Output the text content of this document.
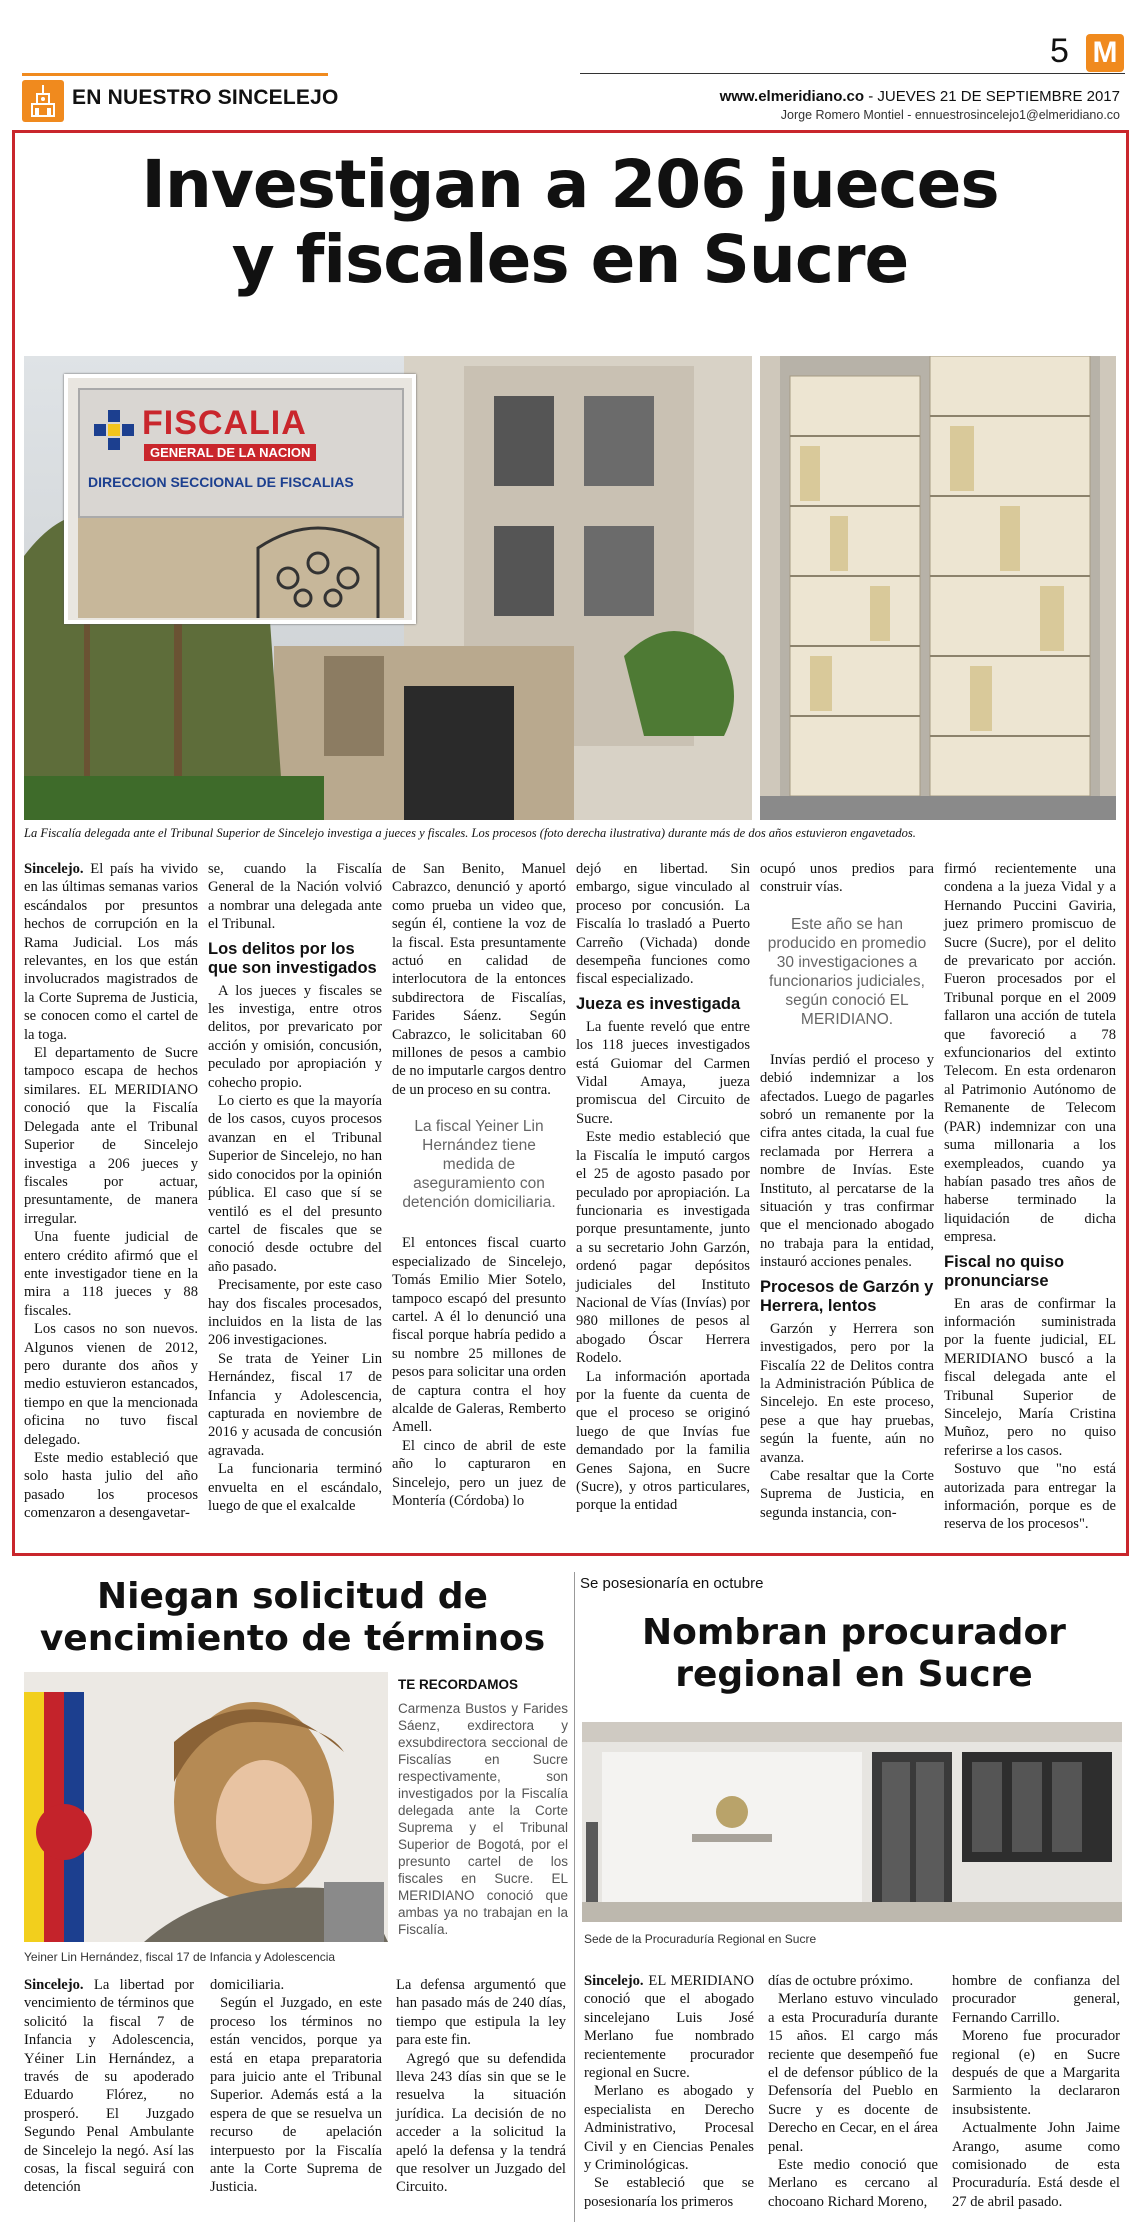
EN NUESTRO SINCELEJO
5 M
www.elmeridiano.co - JUEVES 21 DE SEPTIEMBRE 2017
Jorge Romero Montiel - ennuestrosincelejo1@elmeridiano.co
Investigan a 206 jueces
y fiscales en Sucre
FISCALIA
GENERAL DE LA NACION
DIRECCION SECCIONAL DE FISCALIAS
La Fiscalía delegada ante el Tribunal Superior de Sincelejo investiga a jueces y fiscales. Los procesos (foto derecha ilustrativa) durante más de dos años estuvieron engavetados.

Sincelejo. El país ha vivido en las últimas semanas varios escándalos por presuntos hechos de corrupción en la Rama Judicial. Los más relevantes, en los que están involucrados magistrados de la Corte Suprema de Justicia, se conocen como el cartel de la toga.

El departamento de Sucre tampoco escapa de hechos similares. EL MERIDIANO conoció que la Fiscalía Delegada ante el Tribunal Superior de Sincelejo investiga a 206 jueces y fiscales por actuar, presuntamente, de manera irregular.

Una fuente judicial de entero crédito afirmó que el ente investigador tiene en la mira a 118 jueces y 88 fiscales.

Los casos no son nuevos. Algunos vienen de 2012, pero durante dos años y medio estuvieron estancados, tiempo en que la mencionada oficina no tuvo fiscal delegado.

Este medio estableció que solo hasta julio del año pasado los procesos comenzaron a desengavetar-

se, cuando la Fiscalía General de la Nación volvió a nombrar una delegada ante el Tribunal.

Los delitos por los que son investigados

A los jueces y fiscales se les investiga, entre otros delitos, por prevaricato por acción y omisión, concusión, peculado por apropiación y cohecho propio.

Lo cierto es que la mayoría de los casos, cuyos procesos avanzan en el Tribunal Superior de Sincelejo, no han sido conocidos por la opinión pública. El caso que sí se ventiló es el del presunto cartel de fiscales que se conoció desde octubre del año pasado.

Precisamente, por este caso hay dos fiscales procesados, incluidos en la lista de las 206 investigaciones.

Se trata de Yeiner Lin Hernández, fiscal 17 de Infancia y Adolescencia, capturada en noviembre de 2016 y acusada de concusión agravada.

La funcionaria terminó envuelta en el escándalo, luego de que el exalcalde

de San Benito, Manuel Cabrazco, denunció y aportó como prueba un video que, según él, contiene la voz de la fiscal. Esta presuntamente actuó en calidad de interlocutora de la entonces subdirectora de Fiscalías, Farides Sáenz. Según Cabrazco, le solicitaban 60 millones de pesos a cambio de no imputarle cargos dentro de un proceso en su contra.

La fiscal Yeiner Lin Hernández tiene medida de aseguramiento con detención domiciliaria.

El entonces fiscal cuarto especializado de Sincelejo, Tomás Emilio Mier Sotelo, tampoco escapó del presunto cartel. A él lo denunció una fiscal porque habría pedido a su nombre 25 millones de pesos para solicitar una orden de captura contra el hoy alcalde de Galeras, Remberto Amell.

El cinco de abril de este año lo capturaron en Sincelejo, pero un juez de Montería (Córdoba) lo

dejó en libertad. Sin embargo, sigue vinculado al proceso por concusión. La Fiscalía lo trasladó a Puerto Carreño (Vichada) donde desempeña funciones como fiscal especializado.

Jueza es investigada

La fuente reveló que entre los 118 jueces investigados está Guiomar del Carmen Vidal Amaya, jueza promiscua del Circuito de Sucre.

Este medio estableció que la Fiscalía le imputó cargos el 25 de agosto pasado por peculado por apropiación. La funcionaria es investigada porque presuntamente, junto a su secretario John Garzón, ordenó pagar depósitos judiciales del Instituto Nacional de Vías (Invías) por 980 millones de pesos al abogado Óscar Herrera Rodelo.

La información aportada por la fuente da cuenta de que el proceso se originó luego de que Invías fue demandado por la familia Genes Sajona, en Sucre (Sucre), y otros particulares, porque la entidad

ocupó unos predios para construir vías.

Este año se han producido en promedio 30 investigaciones a funcionarios judiciales, según conoció EL MERIDIANO.

Invías perdió el proceso y debió indemnizar a los afectados. Luego de pagarles sobró un remanente por la cifra antes citada, la cual fue reclamada por Herrera a nombre de Invías. Este Instituto, al percatarse de la situación y tras confirmar que el mencionado abogado no trabaja para la entidad, instauró acciones penales.

Procesos de Garzón y Herrera, lentos

Garzón y Herrera son investigados, pero por la Fiscalía 22 de Delitos contra la Administración Pública de Sincelejo. En este proceso, pese a que hay pruebas, según la fuente, aún no avanza.

Cabe resaltar que la Corte Suprema de Justicia, en segunda instancia, con-

firmó recientemente una condena a la jueza Vidal y a Hernando Puccini Gaviria, juez primero promiscuo de Sucre (Sucre), por el delito de prevaricato por acción. Fueron procesados por el Tribunal porque en el 2009 fallaron una acción de tutela que favoreció a 78 exfuncionarios del extinto Telecom. En esta ordenaron al Patrimonio Autónomo de Remanente de Telecom (PAR) indemnizar con una suma millonaria a los exempleados, cuando ya habían pasado tres años de haberse terminado la liquidación de dicha empresa.

Fiscal no quiso pronunciarse

En aras de confirmar la información suministrada por la fuente judicial, EL MERIDIANO buscó a la fiscal delegada ante el Tribunal Superior de Sincelejo, María Cristina Muñoz, pero no quiso referirse a los casos.

Sostuvo que "no está autorizada para entregar la información, porque es de reserva de los procesos".

Niegan solicitud de
vencimiento de términos
TE RECORDAMOS
Carmenza Bustos y Farides Sáenz, exdirectora y exsubdirectora seccional de Fiscalías en Sucre respectivamente, son investigados por la Fiscalía delegada ante la Corte Suprema y el Tribunal Superior de Bogotá, por el presunto cartel de los fiscales en Sucre. EL MERIDIANO conoció que ambas ya no trabajan en la Fiscalía.
Yeiner Lin Hernández, fiscal 17 de Infancia y Adolescencia

Sincelejo. La libertad por vencimiento de términos que solicitó la fiscal 7 de Infancia y Adolescencia, Yéiner Lin Hernández, a través de su apoderado Eduardo Flórez, no prosperó. El Juzgado Segundo Penal Ambulante de Sincelejo la negó. Así las cosas, la fiscal seguirá con detención

domiciliaria.

Según el Juzgado, en este proceso los términos no están vencidos, porque ya está en etapa preparatoria para juicio ante el Tribunal Superior. Además está a la espera de que se resuelva un recurso de apelación interpuesto por la Fiscalía ante la Corte Suprema de Justicia.

La defensa argumentó que han pasado más de 240 días, tiempo que estipula la ley para este fin.

Agregó que su defendida lleva 243 días sin que se le resuelva la situación jurídica. La decisión de no acceder a la solicitud la apeló la defensa y la tendrá que resolver un Juzgado del Circuito.

Se posesionaría en octubre
Nombran procurador
regional en Sucre
Sede de la Procuraduría Regional en Sucre

Sincelejo. EL MERIDIANO conoció que el abogado sincelejano Luis José Merlano fue nombrado recientemente procurador regional en Sucre.

Merlano es abogado y especialista en Derecho Administrativo, Procesal Civil y en Ciencias Penales y Criminológicas.

Se estableció que se posesionaría los primeros

días de octubre próximo.

Merlano estuvo vinculado a esta Procuraduría durante 15 años. El cargo más reciente que desempeñó fue el de defensor público de la Defensoría del Pueblo en Sucre y es docente de Derecho en Cecar, en el área penal.

Este medio conoció que Merlano es cercano al chocoano Richard Moreno,

hombre de confianza del procurador general, Fernando Carrillo.

Moreno fue procurador regional (e) en Sucre después de que a Margarita Sarmiento la declararon insubsistente.

Actualmente John Jaime Arango, asume como comisionado de esta Procuraduría. Está desde el 27 de abril pasado.
